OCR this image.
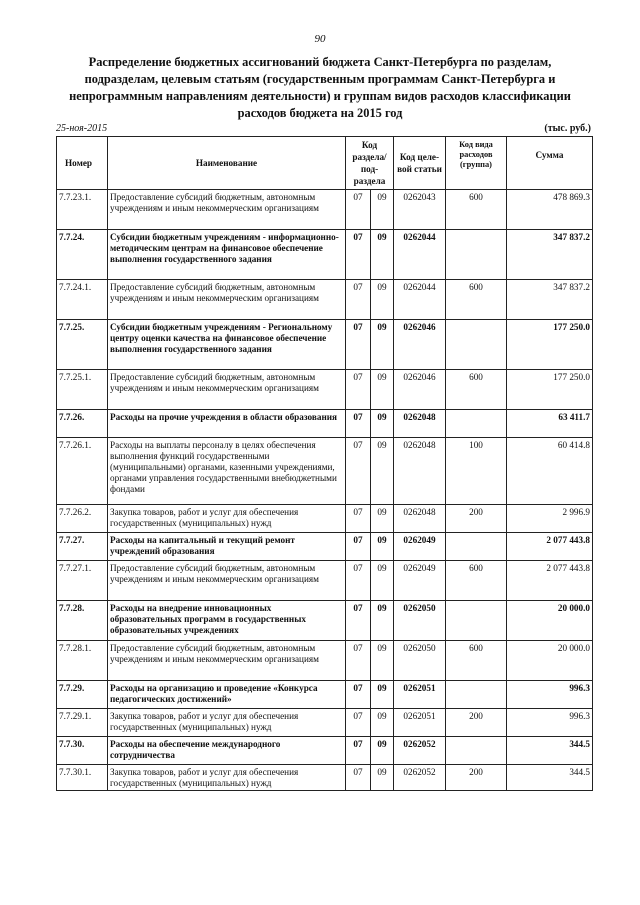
90
Распределение бюджетных ассигнований бюджета Санкт-Петербурга по разделам, подразделам, целевым статьям (государственным программам Санкт-Петербурга и непрограммным направлениям деятельности) и группам видов расходов классификации расходов бюджета на 2015 год
25-ноя-2015	(тыс. руб.)
Номер	Наименование	Код раздела/ под-раздела		Код целе-вой статьи	Код вида расходов (группа)	Сумма
7.7.23.1.	Предоставление субсидий бюджетным, автономным учреждениям и иным некоммерческим организациям	07	09	0262043	600	478 869.3
7.7.24.	Субсидии бюджетным учреждениям - информационно-методическим центрам на финансовое обеспечение выполнения государственного задания	07	09	0262044		347 837.2
7.7.24.1.	Предоставление субсидий бюджетным, автономным учреждениям и иным некоммерческим организациям	07	09	0262044	600	347 837.2
7.7.25.	Субсидии бюджетным учреждениям - Региональному центру оценки качества на финансовое обеспечение выполнения государственного задания	07	09	0262046		177 250.0
7.7.25.1.	Предоставление субсидий бюджетным, автономным учреждениям и иным некоммерческим организациям	07	09	0262046	600	177 250.0
7.7.26.	Расходы на прочие учреждения в области образования	07	09	0262048		63 411.7
7.7.26.1.	Расходы на выплаты персоналу в целях обеспечения выполнения функций государственными (муниципальными) органами, казенными учреждениями, органами управления государственными внебюджетными фондами	07	09	0262048	100	60 414.8
7.7.26.2.	Закупка товаров, работ и услуг для обеспечения государственных (муниципальных) нужд	07	09	0262048	200	2 996.9
7.7.27.	Расходы на капитальный и текущий ремонт учреждений образования	07	09	0262049		2 077 443.8
7.7.27.1.	Предоставление субсидий бюджетным, автономным учреждениям и иным некоммерческим организациям	07	09	0262049	600	2 077 443.8
7.7.28.	Расходы на внедрение инновационных образовательных программ в государственных образовательных учреждениях	07	09	0262050		20 000.0
7.7.28.1.	Предоставление субсидий бюджетным, автономным учреждениям и иным некоммерческим организациям	07	09	0262050	600	20 000.0
7.7.29.	Расходы на организацию и проведение «Конкурса педагогических достижений»	07	09	0262051		996.3
7.7.29.1.	Закупка товаров, работ и услуг для обеспечения государственных (муниципальных) нужд	07	09	0262051	200	996.3
7.7.30.	Расходы на обеспечение международного сотрудничества	07	09	0262052		344.5
7.7.30.1.	Закупка товаров, работ и услуг для обеспечения государственных (муниципальных) нужд	07	09	0262052	200	344.5
